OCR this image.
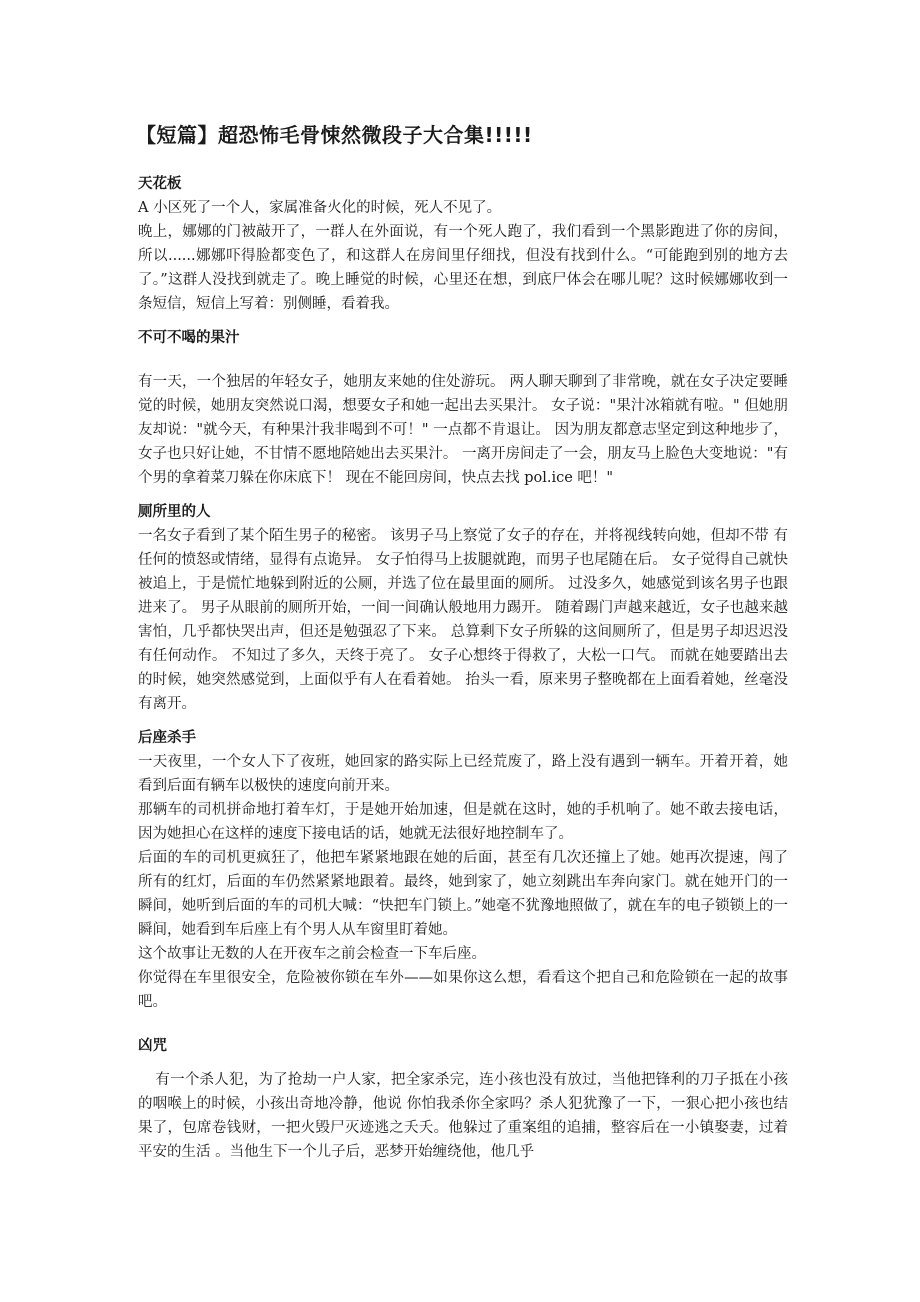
【短篇】超恐怖毛骨悚然微段子大合集!!!!!
天花板

A 小区死了一个人，家属准备火化的时候，死人不见了。

晚上，娜娜的门被敲开了，一群人在外面说，有一个死人跑了，我们看到一个黑影跑进了你的房间，所以......娜娜吓得脸都变色了，和这群人在房间里仔细找，但没有找到什么。“可能跑到别的地方去了。”这群人没找到就走了。晚上睡觉的时候，心里还在想，到底尸体会在哪儿呢？这时候娜娜收到一条短信，短信上写着：别侧睡，看着我。

不可不喝的果汁

有一天，一个独居的年轻女子，她朋友来她的住处游玩。 两人聊天聊到了非常晚，就在女子决定要睡觉的时候，她朋友突然说口渴，想要女子和她一起出去买果汁。 女子说："果汁冰箱就有啦。" 但她朋友却说："就今天，有种果汁我非喝到不可！" 一点都不肯退让。 因为朋友都意志坚定到这种地步了，女子也只好让她，不甘情不愿地陪她出去买果汁。 一离开房间走了一会，朋友马上脸色大变地说："有个男的拿着菜刀躲在你床底下！ 现在不能回房间，快点去找 pol.ice 吧！"

厕所里的人

一名女子看到了某个陌生男子的秘密。 该男子马上察觉了女子的存在，并将视线转向她，但却不带 有任何的愤怒或情绪，显得有点诡异。 女子怕得马上拔腿就跑，而男子也尾随在后。 女子觉得自己就快被追上，于是慌忙地躲到附近的公厕，并选了位在最里面的厕所。 过没多久，她感觉到该名男子也跟进来了。 男子从眼前的厕所开始，一间一间确认般地用力踢开。 随着踢门声越来越近，女子也越来越害怕，几乎都快哭出声，但还是勉强忍了下来。 总算剩下女子所躲的这间厕所了，但是男子却迟迟没有任何动作。 不知过了多久，天终于亮了。 女子心想终于得救了，大松一口气。 而就在她要踏出去的时候，她突然感觉到，上面似乎有人在看着她。 抬头一看，原来男子整晚都在上面看着她，丝毫没有离开。

后座杀手

一天夜里，一个女人下了夜班，她回家的路实际上已经荒废了，路上没有遇到一辆车。开着开着，她看到后面有辆车以极快的速度向前开来。

那辆车的司机拼命地打着车灯，于是她开始加速，但是就在这时，她的手机响了。她不敢去接电话，因为她担心在这样的速度下接电话的话，她就无法很好地控制车了。

后面的车的司机更疯狂了，他把车紧紧地跟在她的后面，甚至有几次还撞上了她。她再次提速，闯了所有的红灯，后面的车仍然紧紧地跟着。最终，她到家了，她立刻跳出车奔向家门。就在她开门的一瞬间，她听到后面的车的司机大喊：“快把车门锁上。”她毫不犹豫地照做了，就在车的电子锁锁上的一瞬间，她看到车后座上有个男人从车窗里盯着她。

这个故事让无数的人在开夜车之前会检查一下车后座。

你觉得在车里很安全，危险被你锁在车外——如果你这么想，看看这个把自己和危险锁在一起的故事吧。

凶咒

有一个杀人犯，为了抢劫一户人家，把全家杀完，连小孩也没有放过，当他把锋利的刀子抵在小孩的咽喉上的时候，小孩出奇地冷静，他说 你怕我杀你全家吗？杀人犯犹豫了一下，一狠心把小孩也结果了，包席卷钱财，一把火毁尸灭迹逃之夭夭。他躲过了重案组的追捕，整容后在一小镇娶妻，过着平安的生活 。当他生下一个儿子后，恶梦开始缠绕他，他几乎
